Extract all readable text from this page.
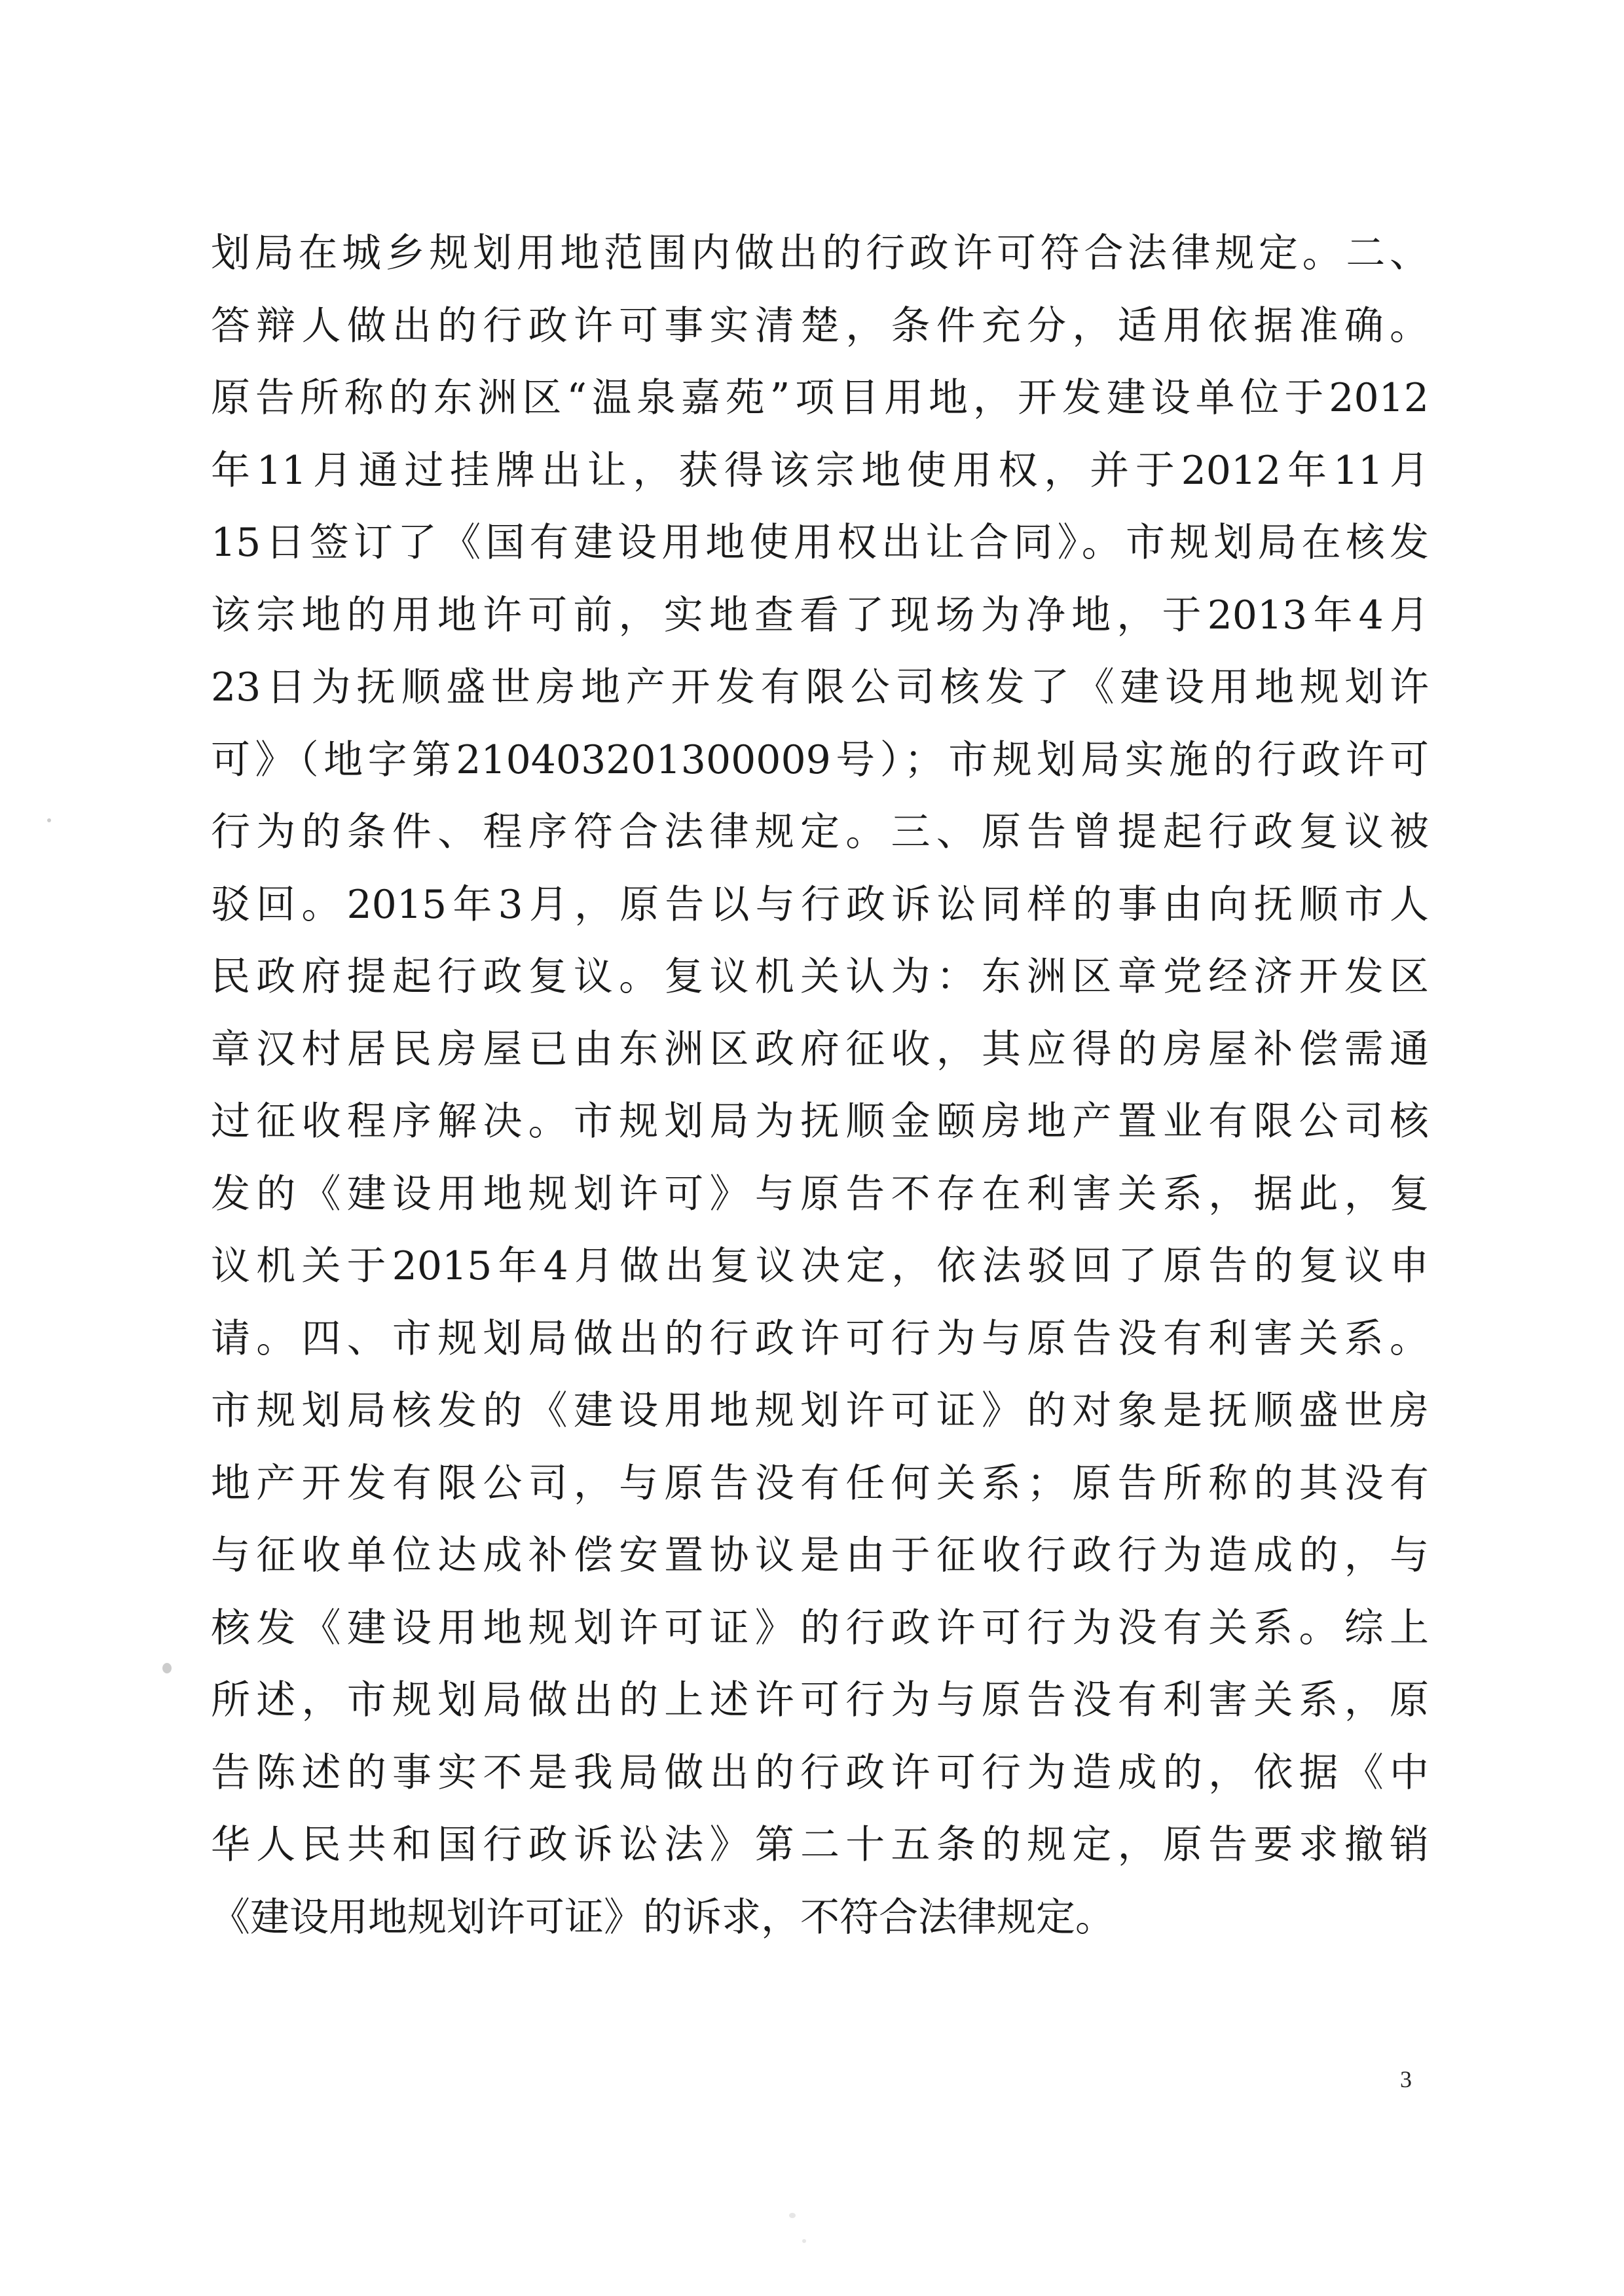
划局在城乡规划用地范围内做出的行政许可符合法律规定。二、
答辩人做出的行政许可事实清楚，条件充分，适用依据准确。
原告所称的东洲区“温泉嘉苑”项目用地，开发建设单位于2012
年11月通过挂牌出让，获得该宗地使用权，并于2012年11月
15日签订了《国有建设用地使用权出让合同》。市规划局在核发
该宗地的用地许可前，实地查看了现场为净地，于2013年4月
23日为抚顺盛世房地产开发有限公司核发了《建设用地规划许
可》（地字第210403201300009号）；市规划局实施的行政许可
行为的条件、程序符合法律规定。三、原告曾提起行政复议被
驳回。2015年3月，原告以与行政诉讼同样的事由向抚顺市人
民政府提起行政复议。复议机关认为：东洲区章党经济开发区
章汉村居民房屋已由东洲区政府征收，其应得的房屋补偿需通
过征收程序解决。市规划局为抚顺金颐房地产置业有限公司核
发的《建设用地规划许可》与原告不存在利害关系，据此，复
议机关于2015年4月做出复议决定，依法驳回了原告的复议申
请。四、市规划局做出的行政许可行为与原告没有利害关系。
市规划局核发的《建设用地规划许可证》的对象是抚顺盛世房
地产开发有限公司，与原告没有任何关系；原告所称的其没有
与征收单位达成补偿安置协议是由于征收行政行为造成的，与
核发《建设用地规划许可证》的行政许可行为没有关系。综上
所述，市规划局做出的上述许可行为与原告没有利害关系，原
告陈述的事实不是我局做出的行政许可行为造成的，依据《中
华人民共和国行政诉讼法》第二十五条的规定，原告要求撤销
《建设用地规划许可证》的诉求，不符合法律规定。
3
